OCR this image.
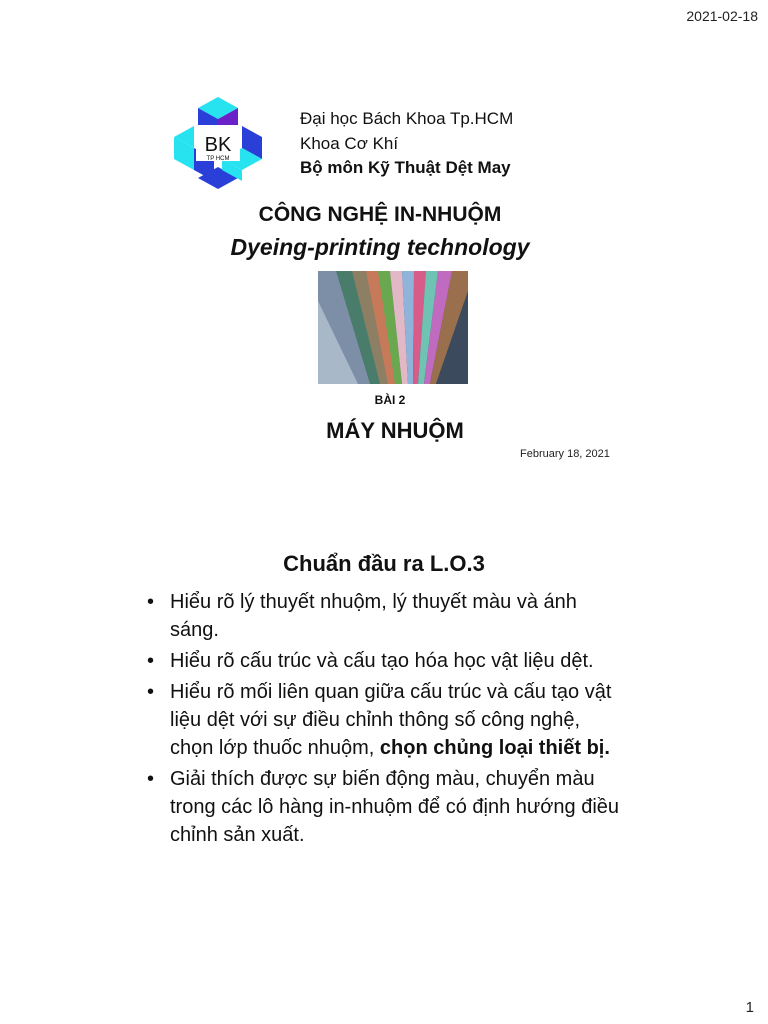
2021-02-18
BK
TP HCM
Đại học Bách Khoa Tp.HCM
Khoa Cơ Khí
Bộ môn Kỹ Thuật Dệt May
CÔNG NGHỆ IN-NHUỘM
Dyeing-printing technology
BÀI 2
MÁY NHUỘM
February 18, 2021
Chuẩn đầu ra L.O.3
• Hiểu rõ lý thuyết nhuộm, lý thuyết màu và ánh sáng.
• Hiểu rõ cấu trúc và cấu tạo hóa học vật liệu dệt.
• Hiểu rõ mối liên quan giữa cấu trúc và cấu tạo vật liệu dệt với sự điều chỉnh thông số công nghệ, chọn lớp thuốc nhuộm, chọn chủng loại thiết bị.
• Giải thích được sự biến động màu, chuyển màu trong các lô hàng in-nhuộm để có định hướng điều chỉnh sản xuất.
1
